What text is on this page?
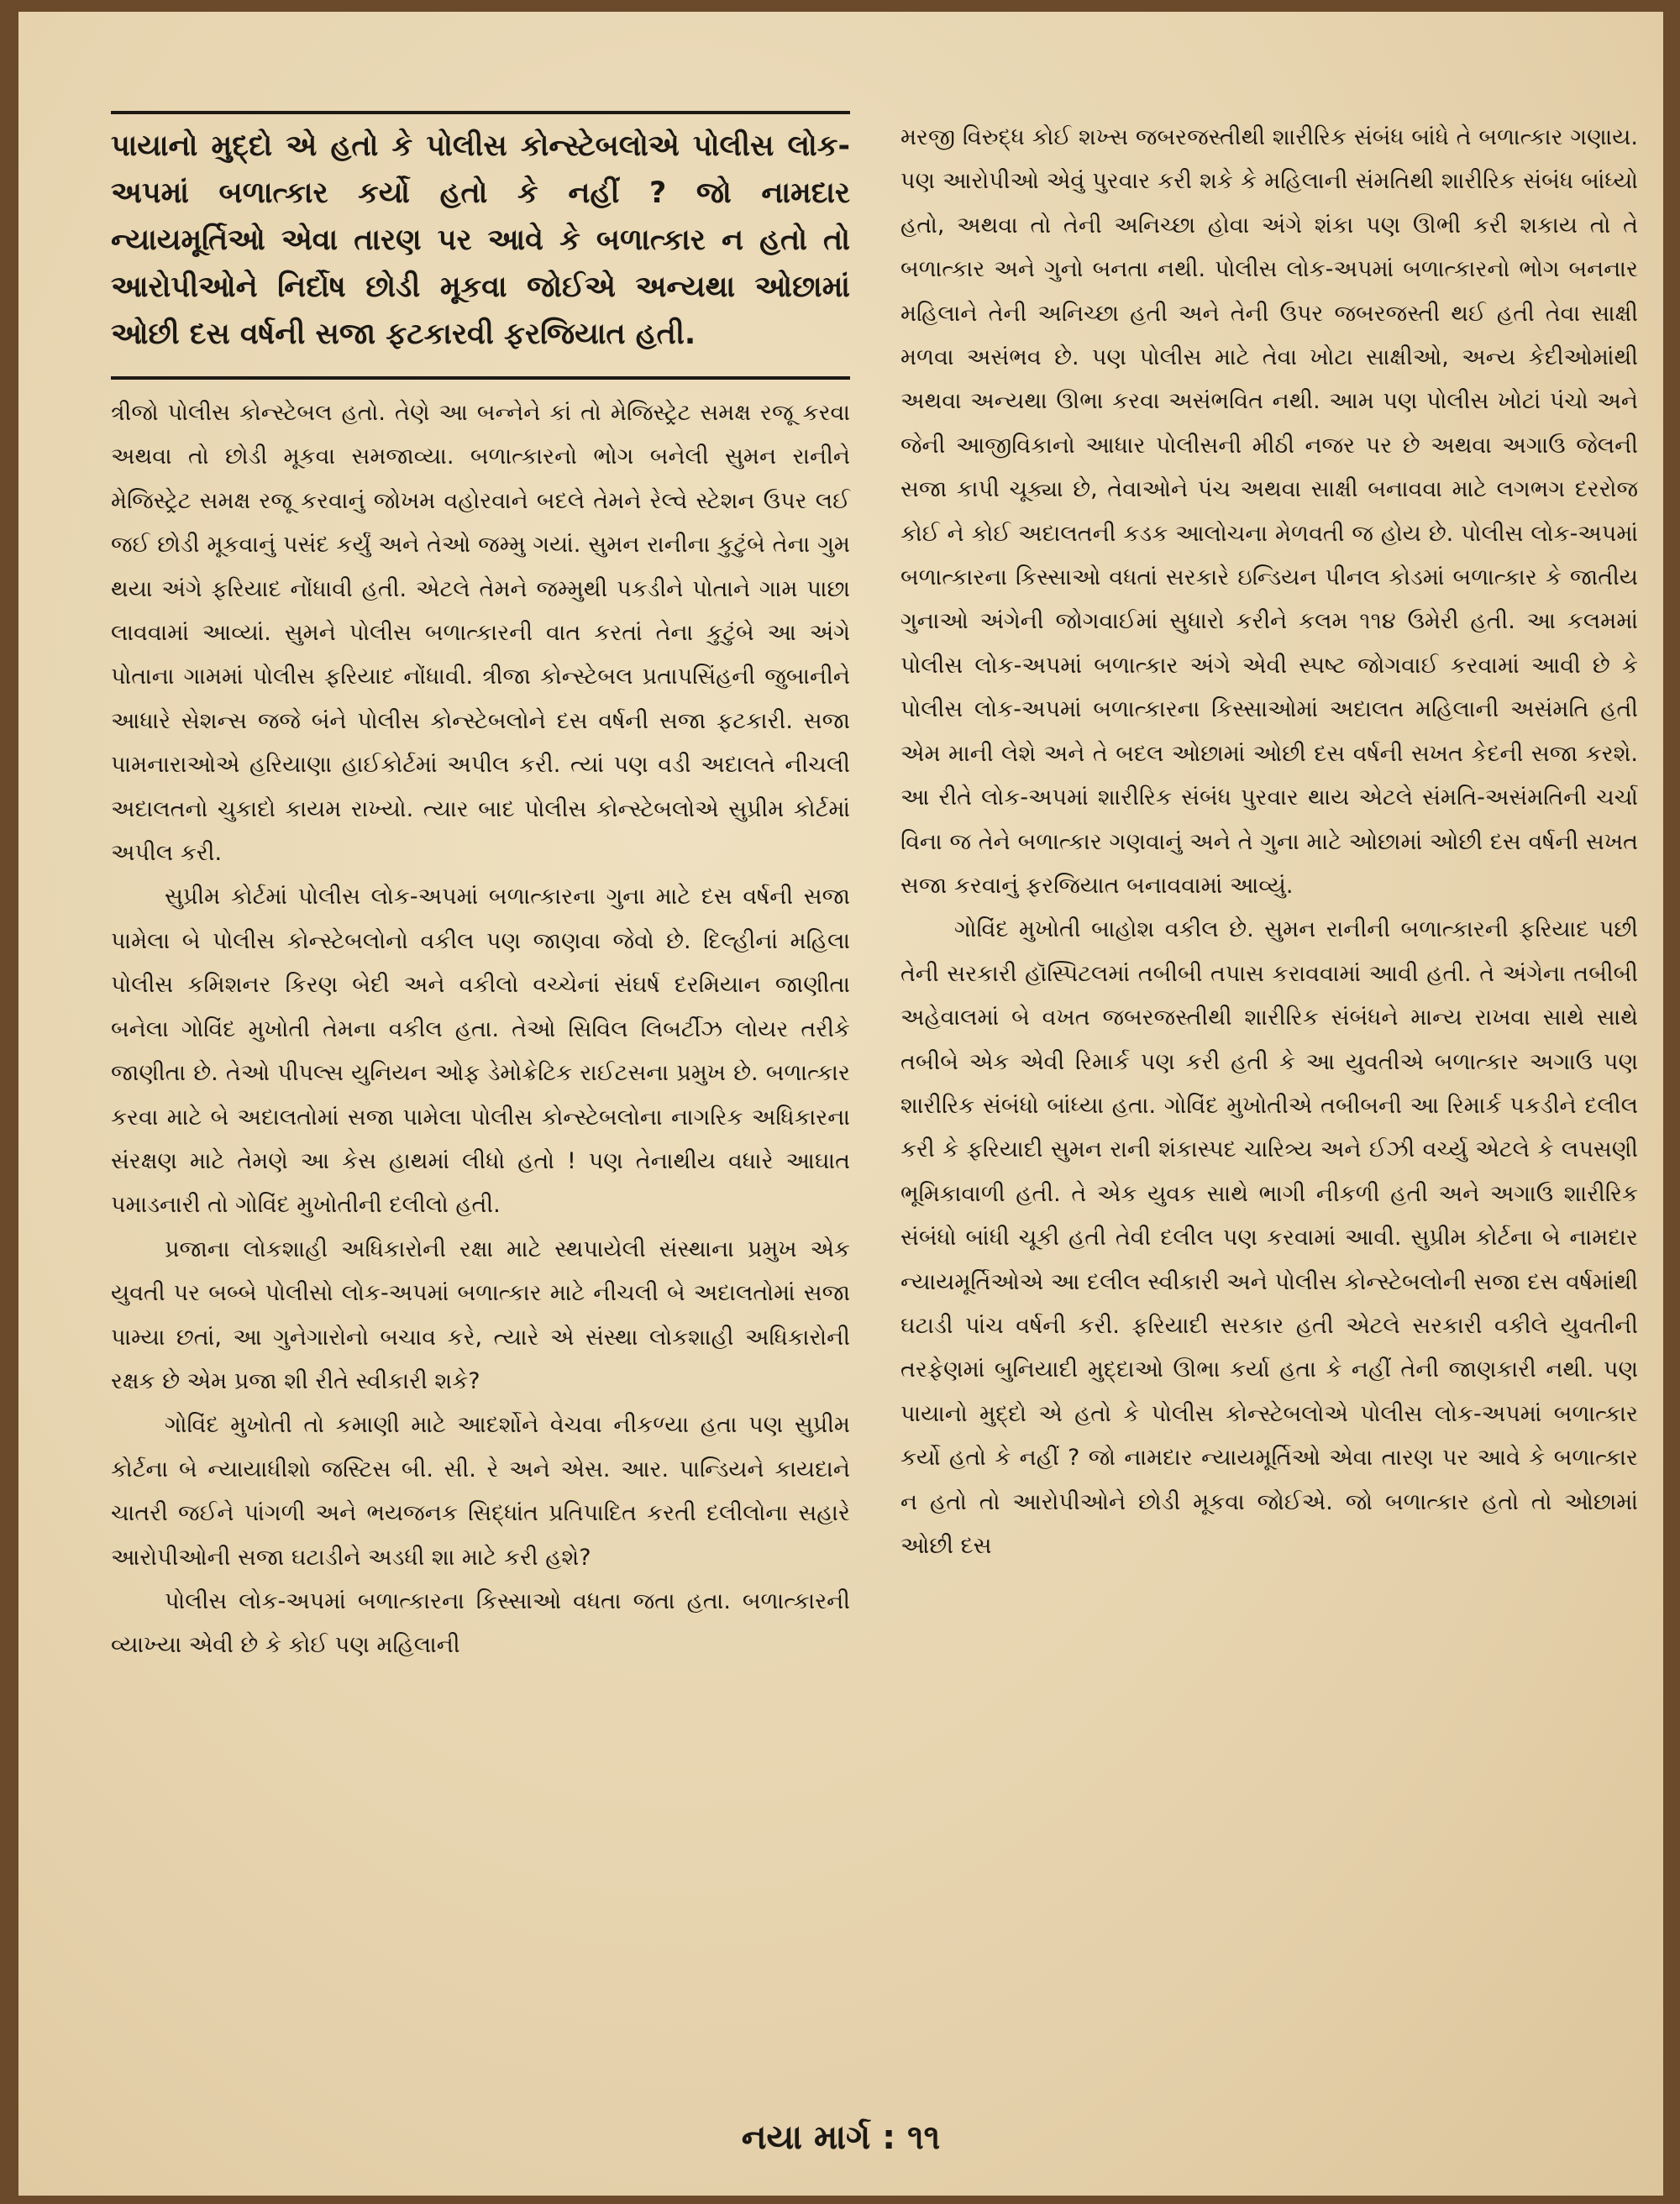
પાયાનો મુદ્દો એ હતો કે પોલીસ કોન્સ્ટેબલોએ પોલીસ લોક-અપમાં બળાત્કાર કર્યો હતો કે નહીં ? જો નામદાર ન્યાયમૂર્તિઓ એવા તારણ પર આવે કે બળાત્કાર ન હતો તો આરોપીઓને નિર્દોષ છોડી મૂકવા જોઈએ અન્યથા ઓછામાં ઓછી દસ વર્ષની સજા ફટકારવી ફરજિયાત હતી.

ત્રીજો પોલીસ કોન્સ્ટેબલ હતો. તેણે આ બન્નેને કાં તો મેજિસ્ટ્રેટ સમક્ષ રજૂ કરવા અથવા તો છોડી મૂકવા સમજાવ્યા. બળાત્કારનો ભોગ બનેલી સુમન રાનીને મેજિસ્ટ્રેટ સમક્ષ રજૂ કરવાનું જોખમ વહોરવાને બદલે તેમને રેલ્વે સ્ટેશન ઉપર લઈ જઈ છોડી મૂકવાનું પસંદ કર્યું અને તેઓ જમ્મુ ગયાં. સુમન રાનીના કુટુંબે તેના ગુમ થયા અંગે ફરિયાદ નોંધાવી હતી. એટલે તેમને જમ્મુથી પકડીને પોતાને ગામ પાછા લાવવામાં આવ્યાં. સુમને પોલીસ બળાત્કારની વાત કરતાં તેના કુટુંબે આ અંગે પોતાના ગામમાં પોલીસ ફરિયાદ નોંધાવી. ત્રીજા કોન્સ્ટેબલ પ્રતાપસિંહની જુબાનીને આધારે સેશન્સ જજે બંને પોલીસ કોન્સ્ટેબલોને દસ વર્ષની સજા ફટકારી. સજા પામનારાઓએ હરિયાણા હાઈકોર્ટમાં અપીલ કરી. ત્યાં પણ વડી અદાલતે નીચલી અદાલતનો ચુકાદો કાયમ રાખ્યો. ત્યાર બાદ પોલીસ કોન્સ્ટેબલોએ સુપ્રીમ કોર્ટમાં અપીલ કરી.

સુપ્રીમ કોર્ટમાં પોલીસ લોક-અપમાં બળાત્કારના ગુના માટે દસ વર્ષની સજા પામેલા બે પોલીસ કોન્સ્ટેબલોનો વકીલ પણ જાણવા જેવો છે. દિલ્હીનાં મહિલા પોલીસ કમિશનર કિરણ બેદી અને વકીલો વચ્ચેનાં સંઘર્ષ દરમિયાન જાણીતા બનેલા ગોવિંદ મુખોતી તેમના વકીલ હતા. તેઓ સિવિલ લિબર્ટીઝ લોયર તરીકે જાણીતા છે. તેઓ પીપલ્સ યુનિયન ઓફ ડેમોક્રેટિક રાઈટસના પ્રમુખ છે. બળાત્કાર કરવા માટે બે અદાલતોમાં સજા પામેલા પોલીસ કોન્સ્ટેબલોના નાગરિક અધિકારના સંરક્ષણ માટે તેમણે આ કેસ હાથમાં લીધો હતો ! પણ તેનાથીય વધારે આઘાત પમાડનારી તો ગોવિંદ મુખોતીની દલીલો હતી.

પ્રજાના લોકશાહી અધિકારોની રક્ષા માટે સ્થપાયેલી સંસ્થાના પ્રમુખ એક યુવતી પર બબ્બે પોલીસો લોક-અપમાં બળાત્કાર માટે નીચલી બે અદાલતોમાં સજા પામ્યા છતાં, આ ગુનેગારોનો બચાવ કરે, ત્યારે એ સંસ્થા લોકશાહી અધિકારોની રક્ષક છે એમ પ્રજા શી રીતે સ્વીકારી શકે?

ગોવિંદ મુખોતી તો કમાણી માટે આદર્શોને વેચવા નીકળ્યા હતા પણ સુપ્રીમ કોર્ટના બે ન્યાયાધીશો જસ્ટિસ બી. સી. રે અને એસ. આર. પાન્ડિયને કાયદાને ચાતરી જઈને પાંગળી અને ભયજનક સિદ્ધાંત પ્રતિપાદિત કરતી દલીલોના સહારે આરોપીઓની સજા ઘટાડીને અડધી શા માટે કરી હશે?

પોલીસ લોક-અપમાં બળાત્કારના કિસ્સાઓ વધતા જતા હતા. બળાત્કારની વ્યાખ્યા એવી છે કે કોઈ પણ મહિલાની

મરજી વિરુદ્ધ કોઈ શખ્સ જબરજસ્તીથી શારીરિક સંબંધ બાંધે તે બળાત્કાર ગણાય. પણ આરોપીઓ એવું પુરવાર કરી શકે કે મહિલાની સંમતિથી શારીરિક સંબંધ બાંધ્યો હતો, અથવા તો તેની અનિચ્છા હોવા અંગે શંકા પણ ઊભી કરી શકાય તો તે બળાત્કાર અને ગુનો બનતા નથી. પોલીસ લોક-અપમાં બળાત્કારનો ભોગ બનનાર મહિલાને તેની અનિચ્છા હતી અને તેની ઉપર જબરજસ્તી થઈ હતી તેવા સાક્ષી મળવા અસંભવ છે. પણ પોલીસ માટે તેવા ખોટા સાક્ષીઓ, અન્ય કેદીઓમાંથી અથવા અન્યથા ઊભા કરવા અસંભવિત નથી. આમ પણ પોલીસ ખોટાં પંચો અને જેની આજીવિકાનો આધાર પોલીસની મીઠી નજર પર છે અથવા અગાઉ જેલની સજા કાપી ચૂક્યા છે, તેવાઓને પંચ અથવા સાક્ષી બનાવવા માટે લગભગ દરરોજ કોઈ ને કોઈ અદાલતની કડક આલોચના મેળવતી જ હોય છે. પોલીસ લોક-અપમાં બળાત્કારના કિસ્સાઓ વધતાં સરકારે ઇન્ડિયન પીનલ કોડમાં બળાત્કાર કે જાતીય ગુનાઓ અંગેની જોગવાઈમાં સુધારો કરીને કલમ ૧૧૪ ઉમેરી હતી. આ કલમમાં પોલીસ લોક-અપમાં બળાત્કાર અંગે એવી સ્પષ્ટ જોગવાઈ કરવામાં આવી છે કે પોલીસ લોક-અપમાં બળાત્કારના કિસ્સાઓમાં અદાલત મહિલાની અસંમતિ હતી એમ માની લેશે અને તે બદલ ઓછામાં ઓછી દસ વર્ષની સખત કેદની સજા કરશે. આ રીતે લોક-અપમાં શારીરિક સંબંધ પુરવાર થાય એટલે સંમતિ-અસંમતિની ચર્ચા વિના જ તેને બળાત્કાર ગણવાનું અને તે ગુના માટે ઓછામાં ઓછી દસ વર્ષની સખત સજા કરવાનું ફરજિયાત બનાવવામાં આવ્યું.

ગોવિંદ મુખોતી બાહોશ વકીલ છે. સુમન રાનીની બળાત્કારની ફરિયાદ પછી તેની સરકારી હૉસ્પિટલમાં તબીબી તપાસ કરાવવામાં આવી હતી. તે અંગેના તબીબી અહેવાલમાં બે વખત જબરજસ્તીથી શારીરિક સંબંધને માન્ય રાખવા સાથે સાથે તબીબે એક એવી રિમાર્ક પણ કરી હતી કે આ યુવતીએ બળાત્કાર અગાઉ પણ શારીરિક સંબંધો બાંધ્યા હતા. ગોવિંદ મુખોતીએ તબીબની આ રિમાર્ક પકડીને દલીલ કરી કે ફરિયાદી સુમન રાની શંકાસ્પદ ચારિત્ર્ય અને ઈઝી વર્ચ્યુ એટલે કે લપસણી ભૂમિકાવાળી હતી. તે એક યુવક સાથે ભાગી નીકળી હતી અને અગાઉ શારીરિક સંબંધો બાંધી ચૂકી હતી તેવી દલીલ પણ કરવામાં આવી. સુપ્રીમ કોર્ટના બે નામદાર ન્યાયમૂર્તિઓએ આ દલીલ સ્વીકારી અને પોલીસ કોન્સ્ટેબલોની સજા દસ વર્ષમાંથી ઘટાડી પાંચ વર્ષની કરી. ફરિયાદી સરકાર હતી એટલે સરકારી વકીલે યુવતીની તરફેણમાં બુનિયાદી મુદ્દાઓ ઊભા કર્યા હતા કે નહીં તેની જાણકારી નથી. પણ પાયાનો મુદ્દો એ હતો કે પોલીસ કોન્સ્ટેબલોએ પોલીસ લોક-અપમાં બળાત્કાર કર્યો હતો કે નહીં ? જો નામદાર ન્યાયમૂર્તિઓ એવા તારણ પર આવે કે બળાત્કાર ન હતો તો આરોપીઓને છોડી મૂકવા જોઈએ. જો બળાત્કાર હતો તો ઓછામાં ઓછી દસ

નયા માર્ગ : ૧૧
